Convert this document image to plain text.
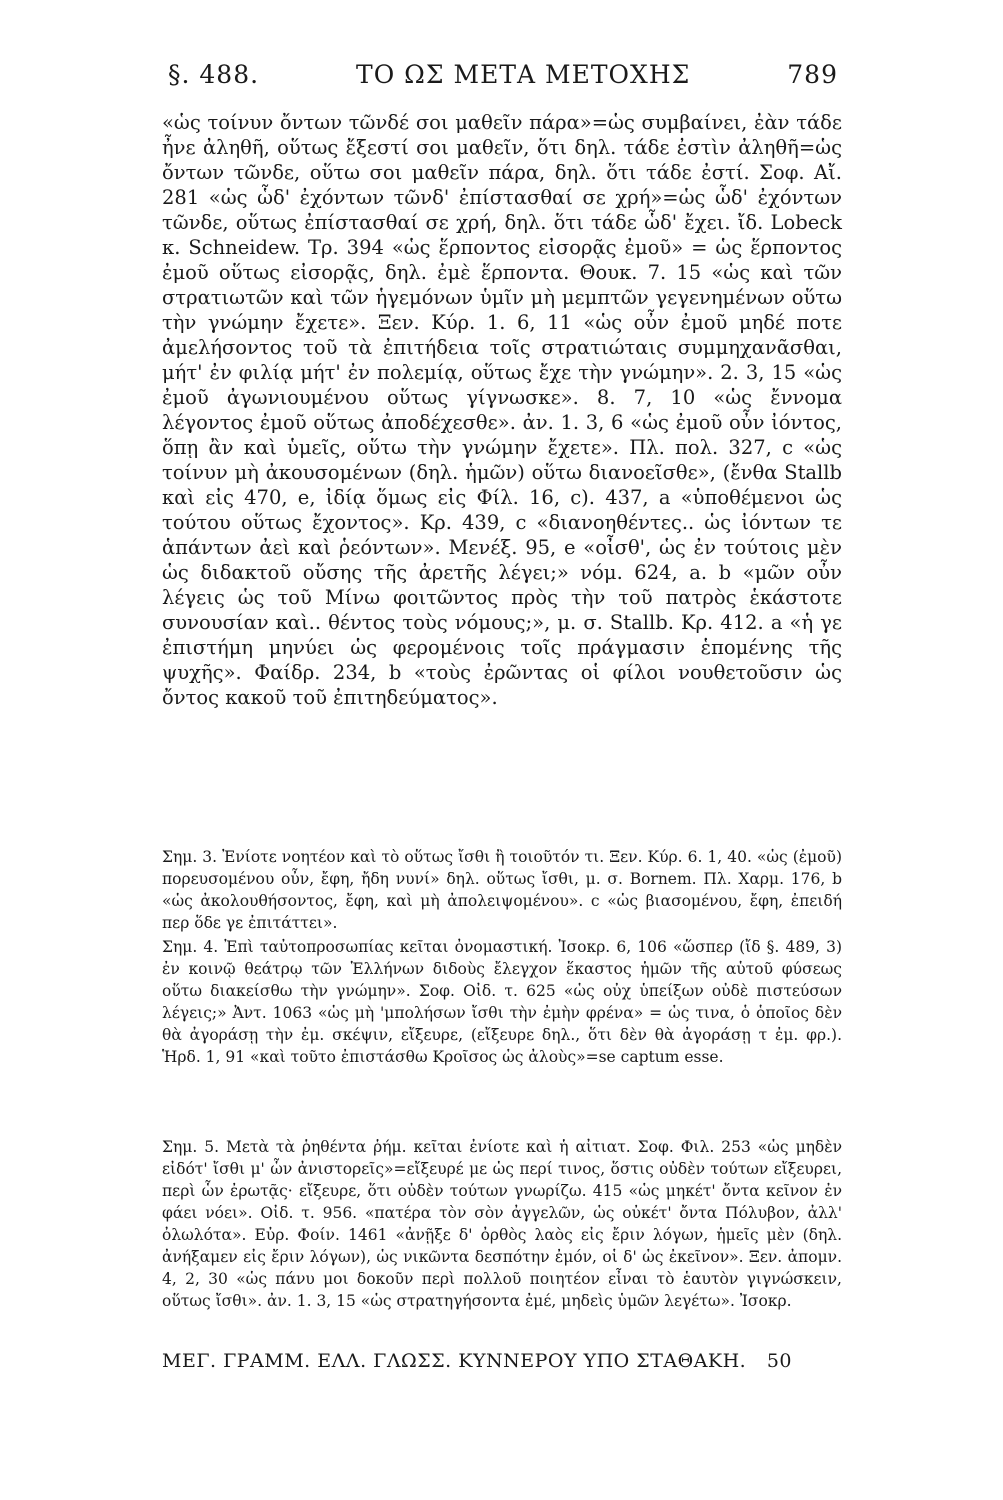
§. 488.	ΤΟ ΩΣ ΜΕΤΑ ΜΕΤΟΧΗΣ	789

«ὡς τοίνυν ὄντων τῶνδέ σοι μαθεῖν πάρα»=ὡς συμβαίνει, ἐὰν τάδε ἦνε ἀληθῆ, οὕτως ἔξεστί σοι μαθεῖν, ὅτι δηλ. τάδε ἐστὶν ἀληθῆ=ὡς ὄντων τῶνδε, οὕτω σοι μαθεῖν πάρα, δηλ. ὅτι τάδε ἐστί. Σοφ. Αἴ. 281 «ὡς ὧδ' ἐχόντων τῶνδ' ἐπίστασθαί σε χρή»=ὡς ὧδ' ἐχόντων τῶνδε, οὕτως ἐπίστασθαί σε χρή, δηλ. ὅτι τάδε ὧδ' ἔχει. ἴδ. Lobeck κ. Schneidew. Τρ. 394 «ὡς ἕρποντος εἰσορᾷς ἐμοῦ» = ὡς ἕρποντος ἐμοῦ οὕτως εἰσορᾷς, δηλ. ἐμὲ ἕρποντα. Θουκ. 7. 15 «ὡς καὶ τῶν στρατιωτῶν καὶ τῶν ἡγεμόνων ὑμῖν μὴ μεμπτῶν γεγενημένων οὕτω τὴν γνώμην ἔχετε». Ξεν. Κύρ. 1. 6, 11 «ὡς οὖν ἐμοῦ μηδέ ποτε ἀμελήσοντος τοῦ τὰ ἐπιτήδεια τοῖς στρατιώταις συμμηχανᾶσθαι, μήτ' ἐν φιλίᾳ μήτ' ἐν πολεμίᾳ, οὕτως ἔχε τὴν γνώμην». 2. 3, 15 «ὡς ἐμοῦ ἀγωνιουμένου οὕτως γίγνωσκε». 8. 7, 10 «ὡς ἔννομα λέγοντος ἐμοῦ οὕτως ἀποδέχεσθε». ἀν. 1. 3, 6 «ὡς ἐμοῦ οὖν ἰόντος, ὅπῃ ἂν καὶ ὑμεῖς, οὕτω τὴν γνώμην ἔχετε». Πλ. πολ. 327, c «ὡς τοίνυν μὴ ἀκουσομένων (δηλ. ἡμῶν) οὕτω διανοεῖσθε», (ἔνθα Stallb καὶ εἰς 470, e, ἰδίᾳ ὅμως εἰς Φίλ. 16, c). 437, a «ὑποθέμενοι ὡς τούτου οὕτως ἔχοντος». Κρ. 439, c «διανοηθέντες.. ὡς ἰόντων τε ἁπάντων ἀεὶ καὶ ῥεόντων». Μενέξ. 95, e «οἶσθ', ὡς ἐν τούτοις μὲν ὡς διδακτοῦ οὔσης τῆς ἀρετῆς λέγει;» νόμ. 624, a. b «μῶν οὖν λέγεις ὡς τοῦ Μίνω φοιτῶντος πρὸς τὴν τοῦ πατρὸς ἑκάστοτε συνουσίαν καὶ.. θέντος τοὺς νόμους;», μ. σ. Stallb. Κρ. 412. a «ἡ γε ἐπιστήμη μηνύει ὡς φερομένοις τοῖς πράγμασιν ἑπομένης τῆς ψυχῆς». Φαίδρ. 234, b «τοὺς ἐρῶντας οἱ φίλοι νουθετοῦσιν ὡς ὄντος κακοῦ τοῦ ἐπιτηδεύματος».

Σημ. 3. Ἐνίοτε νοητέον καὶ τὸ οὕτως ἴσθι ἢ τοιοῦτόν τι. Ξεν. Κύρ. 6. 1, 40. «ὡς (ἐμοῦ) πορευσομένου οὖν, ἔφη, ἤδη νυνί» δηλ. οὕτως ἴσθι, μ. σ. Bornem. Πλ. Χαρμ. 176, b «ὡς ἀκολουθήσοντος, ἔφη, καὶ μὴ ἀπολειψομένου». c «ὡς βιασομένου, ἔφη, ἐπειδή περ ὅδε γε ἐπιτάττει».

Σημ. 4. Ἐπὶ ταὐτοπροσωπίας κεῖται ὀνομαστική. Ἰσοκρ. 6, 106 «ὥσπερ (ἴδ §. 489, 3) ἐν κοινῷ θεάτρῳ τῶν Ἑλλήνων διδοὺς ἔλεγχον ἕκαστος ἡμῶν τῆς αὑτοῦ φύσεως οὕτω διακείσθω τὴν γνώμην». Σοφ. Οἰδ. τ. 625 «ὡς οὐχ ὑπείξων οὐδὲ πιστεύσων λέγεις;» Ἀντ. 1063 «ὡς μὴ 'μπολήσων ἴσθι τὴν ἐμὴν φρένα» = ὡς τινα, ὁ ὁποῖος δὲν θὰ ἀγοράσῃ τὴν ἐμ. σκέψιν, εἴξευρε, (εἴξευρε δηλ., ὅτι δὲν θὰ ἀγοράσῃ τ ἐμ. φρ.). Ἡρδ. 1, 91 «καὶ τοῦτο ἐπιστάσθω Κροῖσος ὡς ἀλοὺς»=se captum esse.

Σημ. 5. Μετὰ τὰ ῥηθέντα ῥήμ. κεῖται ἐνίοτε καὶ ἡ αἰτιατ. Σοφ. Φιλ. 253 «ὡς μηδὲν εἰδότ' ἴσθι μ' ὧν ἀνιστορεῖς»=εἴξευρέ με ὡς περί τινος, ὅστις οὐδὲν τούτων εἴξευρει, περὶ ὧν ἐρωτᾷς· εἴξευρε, ὅτι οὐδὲν τούτων γνωρίζω. 415 «ὡς μηκέτ' ὄντα κεῖνον ἐν φάει νόει». Οἰδ. τ. 956. «πατέρα τὸν σὸν ἀγγελῶν, ὡς οὐκέτ' ὄντα Πόλυβον, ἀλλ' ὀλωλότα». Εὐρ. Φοίν. 1461 «ἀνῇξε δ' ὀρθὸς λαὸς εἰς ἔριν λόγων, ἡμεῖς μὲν (δηλ. ἀνήξαμεν εἰς ἔριν λόγων), ὡς νικῶντα δεσπότην ἐμόν, οἱ δ' ὡς ἐκεῖνον». Ξεν. ἀπομν. 4, 2, 30 «ὡς πάνυ μοι δοκοῦν περὶ πολλοῦ ποιητέον εἶναι τὸ ἑαυτὸν γιγνώσκειν, οὕτως ἴσθι». ἀν. 1. 3, 15 «ὡς στρατηγήσοντα ἐμέ, μηδεὶς ὑμῶν λεγέτω». Ἰσοκρ.

ΜΕΓ. ΓΡΑΜΜ. ΕΛΛ. ΓΛΩΣΣ. ΚΥΝΝΕΡΟΥ ΥΠΟ ΣΤΑΘΑΚΗ. 50
